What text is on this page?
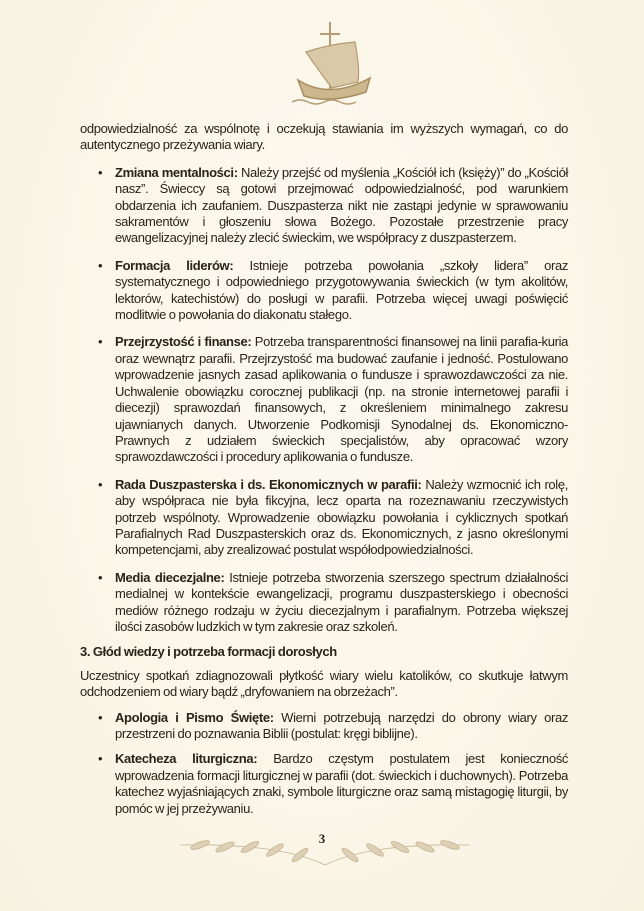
odpowiedzialność za wspólnotę i oczekują stawiania im wyższych wymagań, co do autentycznego przeżywania wiary.

• Zmiana mentalności: Należy przejść od myślenia „Kościół ich (księży)” do „Kościół nasz”. Świeccy są gotowi przejmować odpowiedzialność, pod warunkiem obdarzenia ich zaufaniem. Duszpasterza nikt nie zastąpi jedynie w sprawowaniu sakramentów i głoszeniu słowa Bożego. Pozostałe przestrzenie pracy ewangelizacyjnej należy zlecić świeckim, we współpracy z duszpasterzem.
• Formacja liderów: Istnieje potrzeba powołania „szkoły lidera” oraz systematycznego i odpowiedniego przygotowywania świeckich (w tym akolitów, lektorów, katechistów) do posługi w parafii. Potrzeba więcej uwagi poświęcić modlitwie o powołania do diakonatu stałego.
• Przejrzystość i finanse: Potrzeba transparentności finansowej na linii parafia-kuria oraz wewnątrz parafii. Przejrzystość ma budować zaufanie i jedność. Postulowano wprowadzenie jasnych zasad aplikowania o fundusze i sprawozdawczości za nie. Uchwalenie obowiązku corocznej publikacji (np. na stronie internetowej parafii i diecezji) sprawozdań finansowych, z określeniem minimalnego zakresu ujawnianych danych. Utworzenie Podkomisji Synodalnej ds. Ekonomiczno-Prawnych z udziałem świeckich specjalistów, aby opracować wzory sprawozdawczości i procedury aplikowania o fundusze.
• Rada Duszpasterska i ds. Ekonomicznych w parafii: Należy wzmocnić ich rolę, aby współpraca nie była fikcyjna, lecz oparta na rozeznawaniu rzeczywistych potrzeb wspólnoty. Wprowadzenie obowiązku powołania i cyklicznych spotkań Parafialnych Rad Duszpasterskich oraz ds. Ekonomicznych, z jasno określonymi kompetencjami, aby zrealizować postulat współodpowiedzialności.
• Media diecezjalne: Istnieje potrzeba stworzenia szerszego spectrum działalności medialnej w kontekście ewangelizacji, programu duszpasterskiego i obecności mediów różnego rodzaju w życiu diecezjalnym i parafialnym. Potrzeba większej ilości zasobów ludzkich w tym zakresie oraz szkoleń.
3. Głód wiedzy i potrzeba formacji dorosłych

Uczestnicy spotkań zdiagnozowali płytkość wiary wielu katolików, co skutkuje łatwym odchodzeniem od wiary bądź „dryfowaniem na obrzeżach”.

• Apologia i Pismo Święte: Wierni potrzebują narzędzi do obrony wiary oraz przestrzeni do poznawania Biblii (postulat: kręgi biblijne).
• Katecheza liturgiczna: Bardzo częstym postulatem jest konieczność wprowadzenia formacji liturgicznej w parafii (dot. świeckich i duchownych). Potrzeba katechez wyjaśniających znaki, symbole liturgiczne oraz samą mistagogię liturgii, by pomóc w jej przeżywaniu.
3
